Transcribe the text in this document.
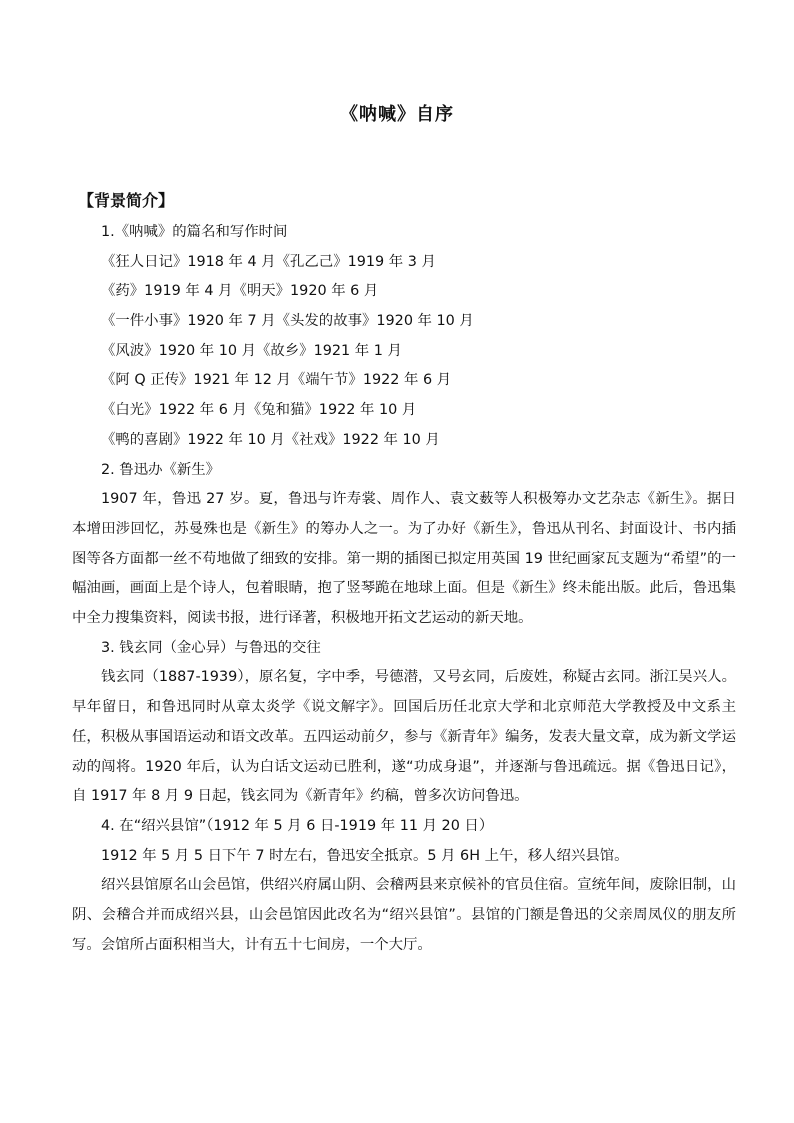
《呐喊》自序
【背景简介】
1.《呐喊》的篇名和写作时间
《狂人日记》1918 年 4 月《孔乙己》1919 年 3 月
《药》1919 年 4 月《明天》1920 年 6 月
《一件小事》1920 年 7 月《头发的故事》1920 年 10 月
《风波》1920 年 10 月《故乡》1921 年 1 月
《阿 Q 正传》1921 年 12 月《端午节》1922 年 6 月
《白光》1922 年 6 月《兔和猫》1922 年 10 月
《鸭的喜剧》1922 年 10 月《社戏》1922 年 10 月
2. 鲁迅办《新生》

1907 年，鲁迅 27 岁。夏，鲁迅与许寿裳、周作人、袁文薮等人积极筹办文艺杂志《新生》。据日本增田涉回忆，苏曼殊也是《新生》的筹办人之一。为了办好《新生》，鲁迅从刊名、封面设计、书内插图等各方面都一丝不苟地做了细致的安排。第一期的插图已拟定用英国 19 世纪画家瓦支题为“希望”的一幅油画，画面上是个诗人，包着眼睛，抱了竖琴跪在地球上面。但是《新生》终未能出版。此后，鲁迅集中全力搜集资料，阅读书报，进行译著，积极地开拓文艺运动的新天地。

3. 钱玄同（金心异）与鲁迅的交往

钱玄同（1887-1939），原名复，字中季，号德潜，又号玄同，后废姓，称疑古玄同。浙江吴兴人。早年留日，和鲁迅同时从章太炎学《说文解字》。回国后历任北京大学和北京师范大学教授及中文系主任，积极从事国语运动和语文改革。五四运动前夕，参与《新青年》编务，发表大量文章，成为新文学运动的闯将。1920 年后，认为白话文运动已胜利，遂“功成身退”，并逐渐与鲁迅疏远。据《鲁迅日记》，自 1917 年 8 月 9 日起，钱玄同为《新青年》约稿，曾多次访问鲁迅。

4. 在“绍兴县馆”（1912 年 5 月 6 日-1919 年 11 月 20 日）

1912 年 5 月 5 日下午 7 时左右，鲁迅安全抵京。5 月 6H 上午，移人绍兴县馆。

绍兴县馆原名山会邑馆，供绍兴府属山阴、会稽两县来京候补的官员住宿。宣统年间，废除旧制，山阴、会稽合并而成绍兴县，山会邑馆因此改名为“绍兴县馆”。县馆的门额是鲁迅的父亲周凤仪的朋友所写。会馆所占面积相当大，计有五十七间房，一个大厅。
